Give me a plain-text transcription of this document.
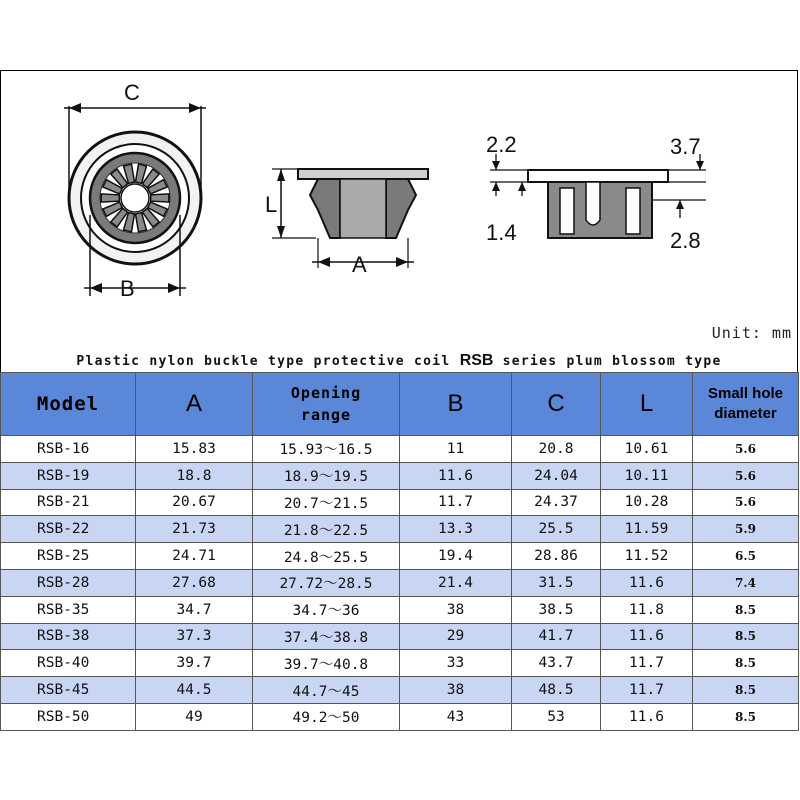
C
B
L
A
2.2
1.4
3.7
2.8
Unit: mm
Plastic nylon buckle type protective coil RSB series plum blossom type
Model	A	Opening
range	B	C	L	Small hole
diameter
RSB-16	15.83	15.93～16.5	11	20.8	10.61	5.6
RSB-19	18.8	18.9～19.5	11.6	24.04	10.11	5.6
RSB-21	20.67	20.7～21.5	11.7	24.37	10.28	5.6
RSB-22	21.73	21.8～22.5	13.3	25.5	11.59	5.9
RSB-25	24.71	24.8～25.5	19.4	28.86	11.52	6.5
RSB-28	27.68	27.72～28.5	21.4	31.5	11.6	7.4
RSB-35	34.7	34.7～36	38	38.5	11.8	8.5
RSB-38	37.3	37.4～38.8	29	41.7	11.6	8.5
RSB-40	39.7	39.7～40.8	33	43.7	11.7	8.5
RSB-45	44.5	44.7～45	38	48.5	11.7	8.5
RSB-50	49	49.2～50	43	53	11.6	8.5
